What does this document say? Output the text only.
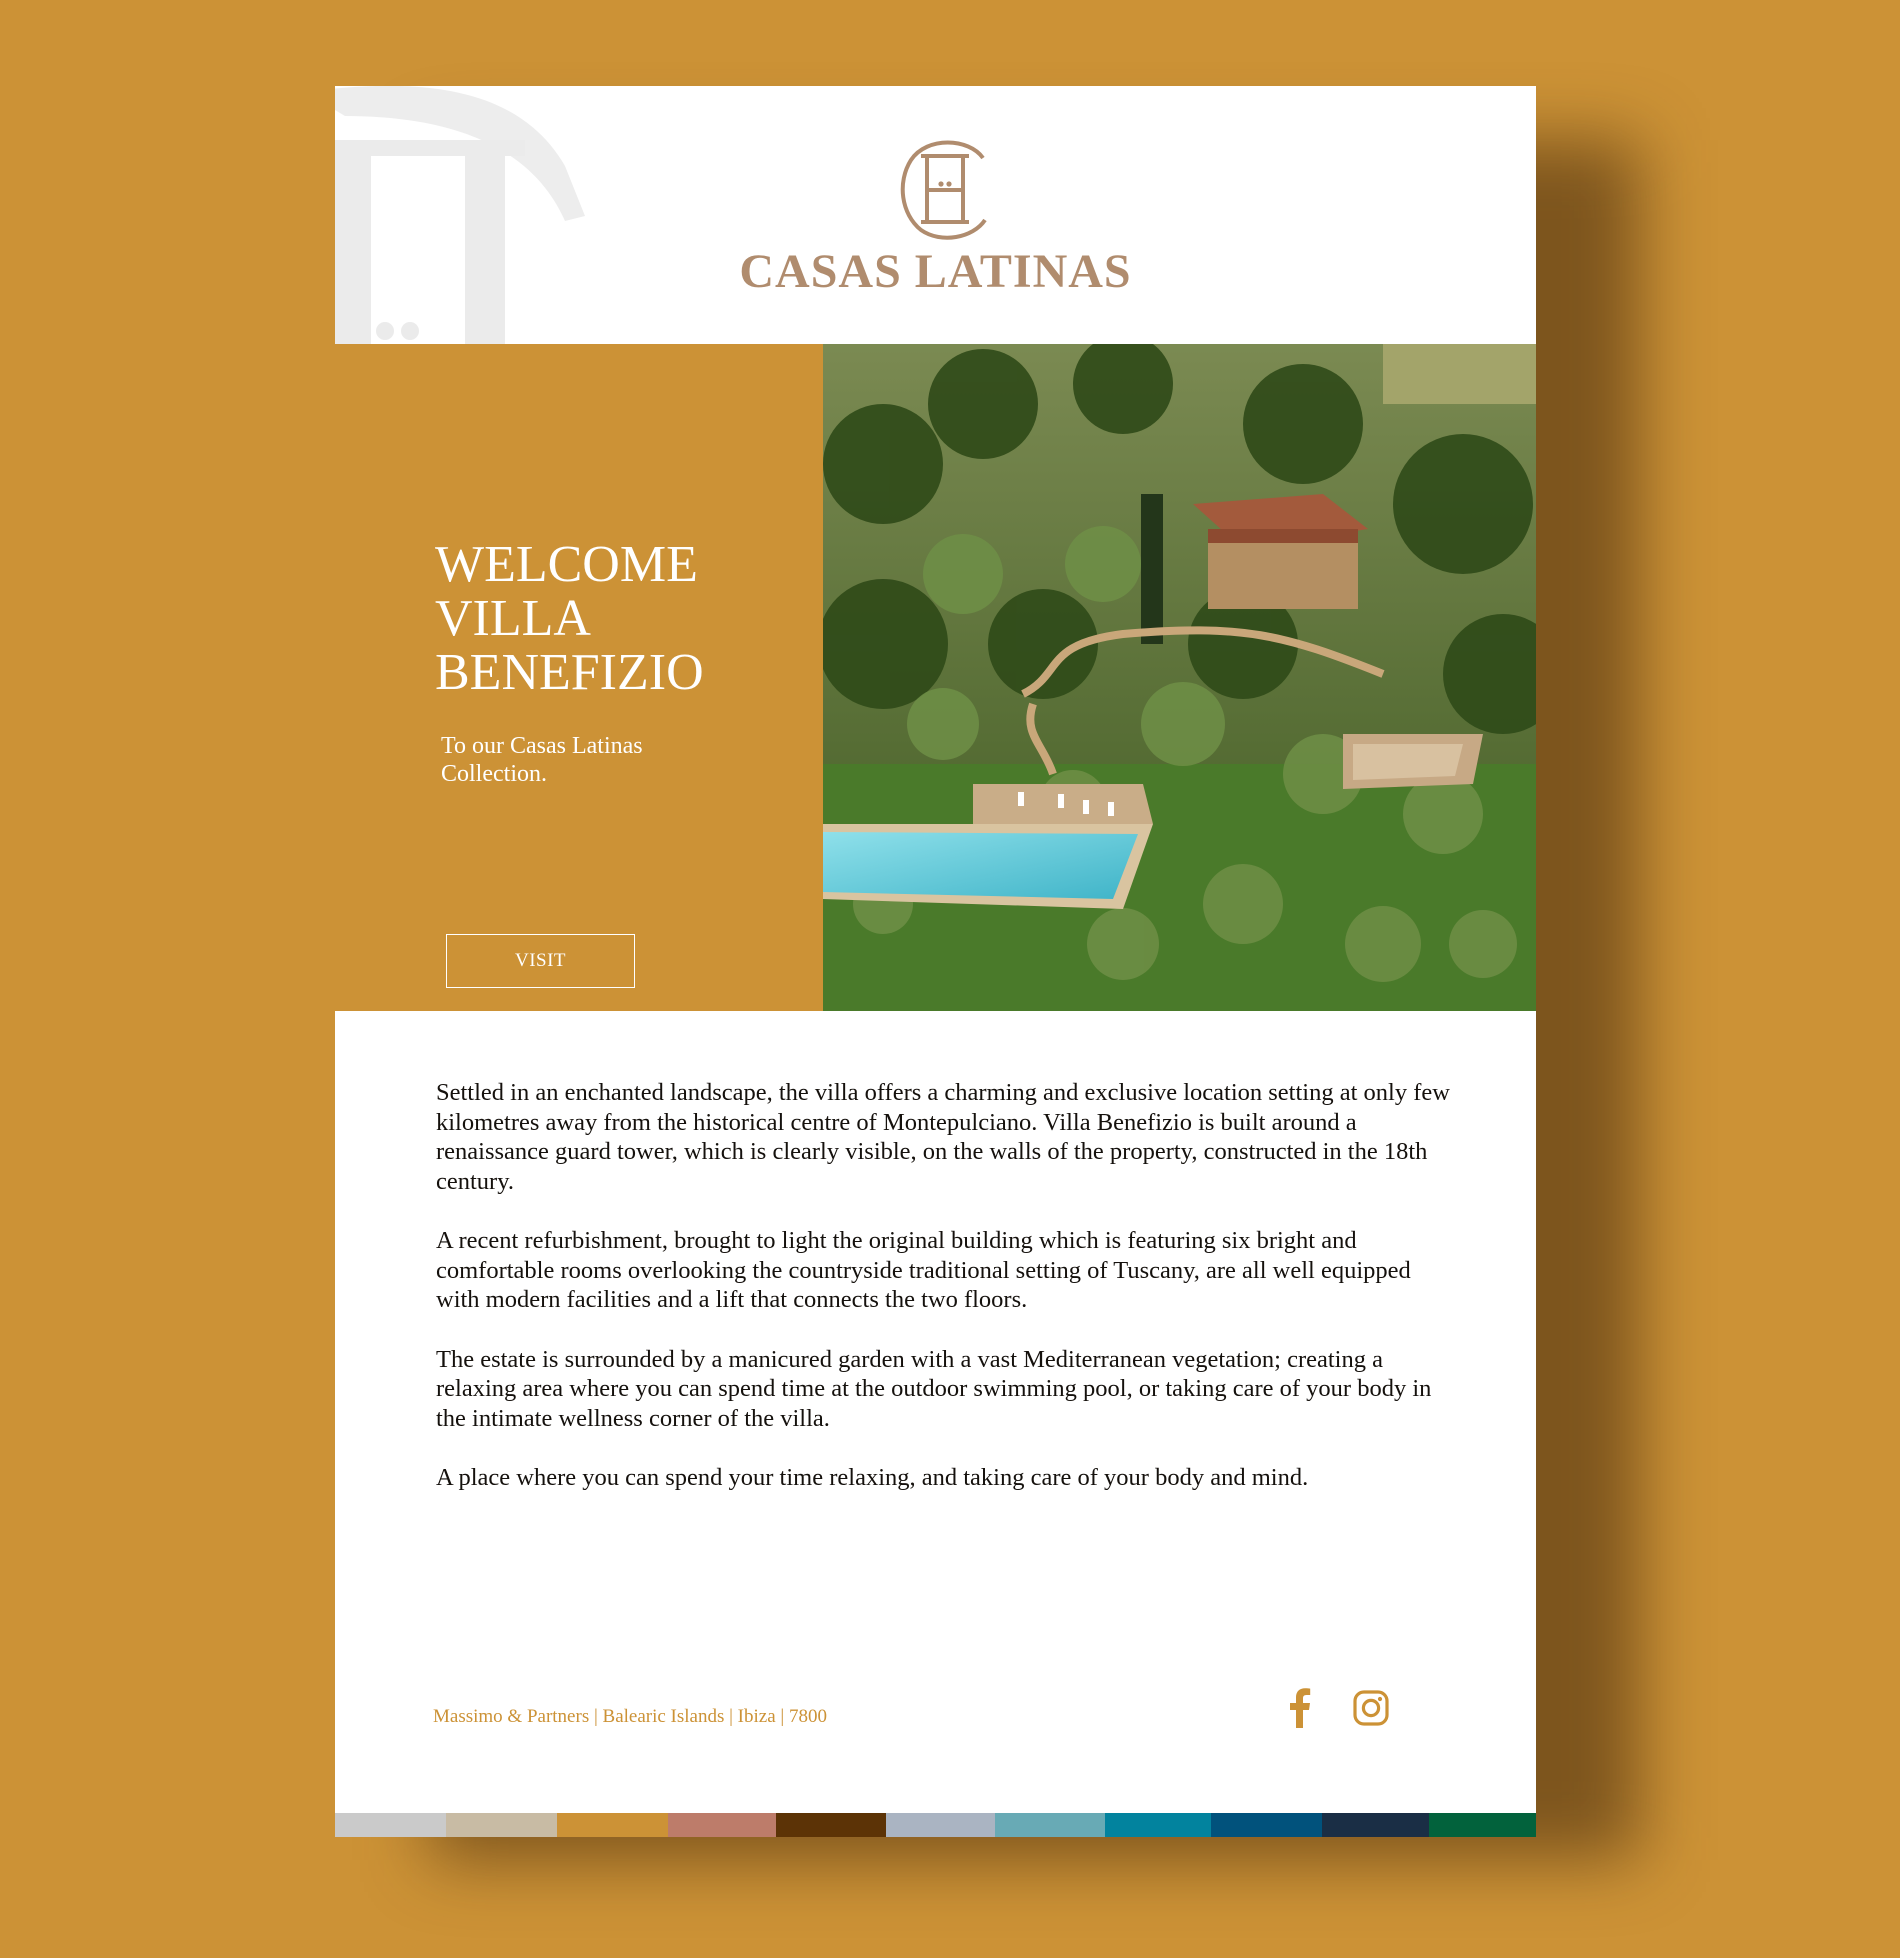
CASAS LATINAS
WELCOME
VILLA
BENEFIZIO

To our Casas Latinas Collection.

VISIT

Settled in an enchanted landscape, the villa offers a charming and exclusive location setting at only few kilometres away from the historical centre of Montepulciano. Villa Benefizio is built around a renaissance guard tower, which is clearly visible, on the walls of the property, constructed in the 18th century.

A recent refurbishment, brought to light the original building which is featuring six bright and comfortable rooms overlooking the countryside traditional setting of Tuscany, are all well equipped with modern facilities and a lift that connects the two floors.

The estate is surrounded by a manicured garden with a vast Mediterranean vegetation; creating a relaxing area where you can spend time at the outdoor swimming pool, or taking care of your body in the intimate wellness corner of the villa.

A place where you can spend your time relaxing, and taking care of your body and mind.

Massimo & Partners | Balearic Islands | Ibiza | 7800
